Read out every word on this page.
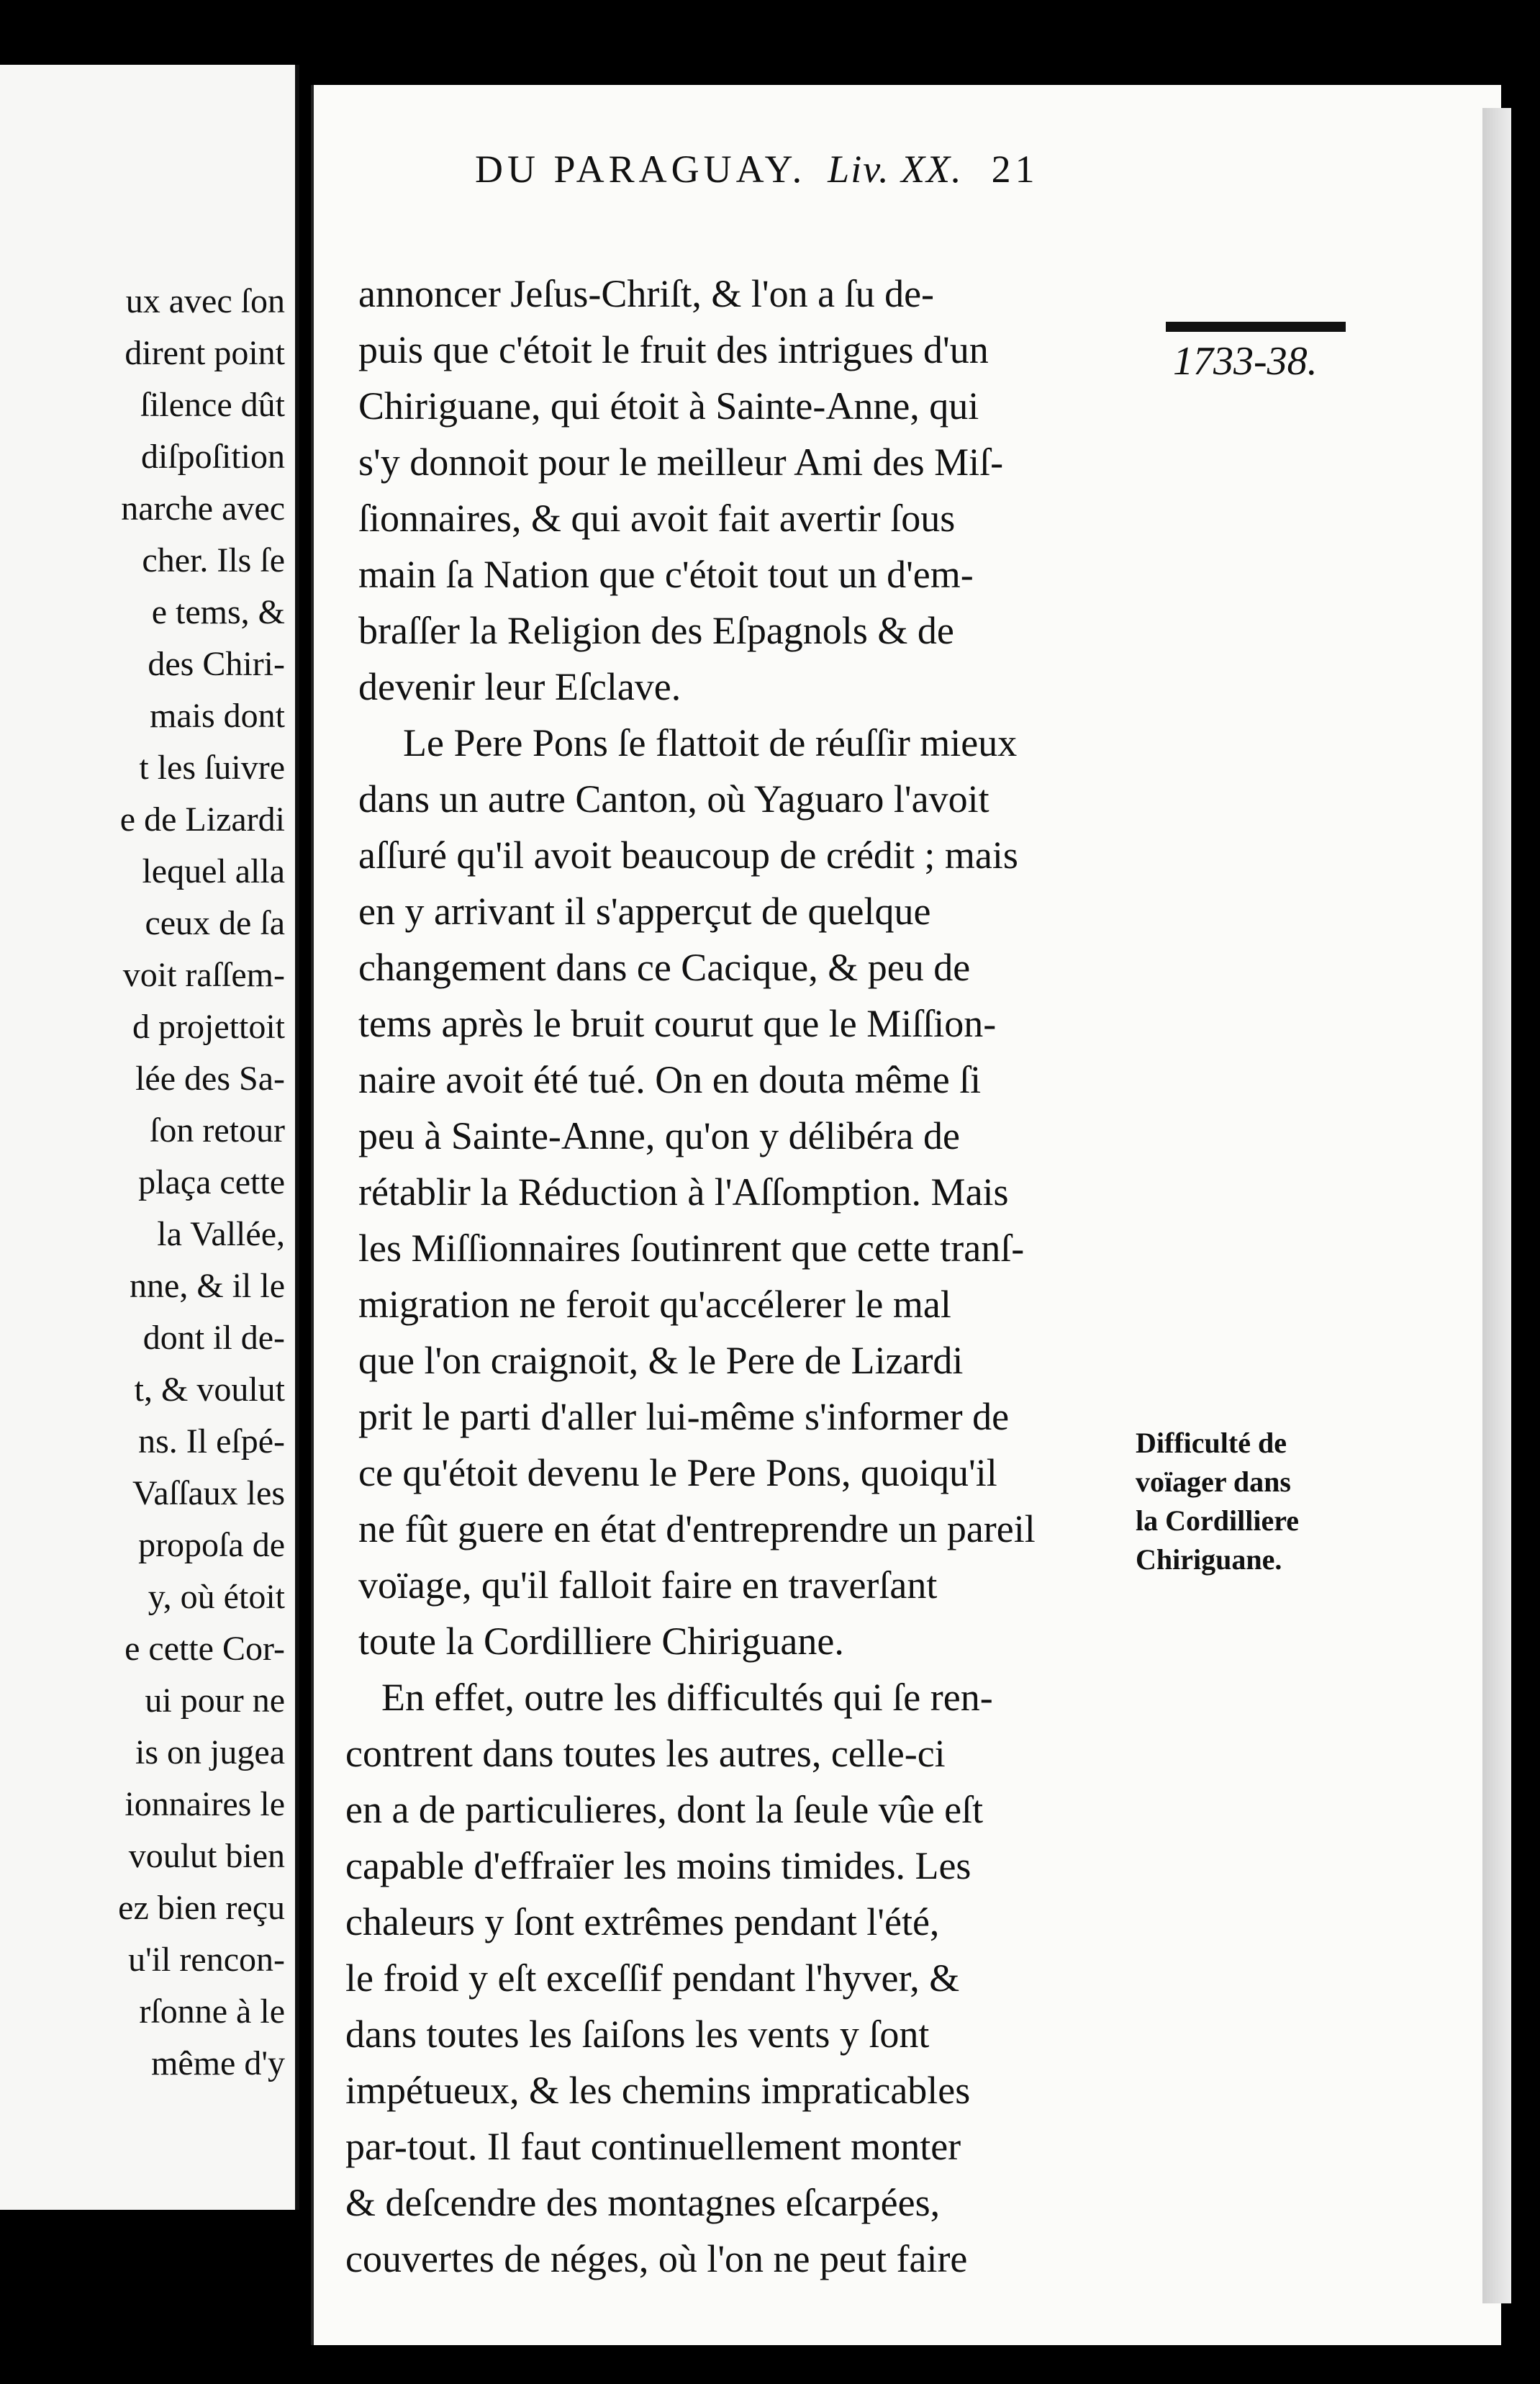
ux avec ſon
dirent point
ſilence dût
diſpoſition
narche avec
cher. Ils ſe
e tems, &
des Chiri-
mais dont
t les ſuivre
e de Lizardi
lequel alla
ceux de ſa
voit raſſem-
d projettoit
lée des Sa-
ſon retour
plaça cette
la Vallée,
nne, & il le
dont il de-
t, & voulut
ns. Il eſpé-
Vaſſaux les
propoſa de
y, où étoit
e cette Cor-
ui pour ne
is on jugea
ionnaires le
voulut bien
ez bien reçu
u'il rencon-
rſonne à le
même d'y
DU PARAGUAY. Liv. XX. 21
annoncer Jeſus-Chriſt, & l'on a ſu de-
puis que c'étoit le fruit des intrigues d'un
Chiriguane, qui étoit à Sainte-Anne, qui
s'y donnoit pour le meilleur Ami des Miſ-
ſionnaires, & qui avoit fait avertir ſous
main ſa Nation que c'étoit tout un d'em-
braſſer la Religion des Eſpagnols & de
devenir leur Eſclave.
Le Pere Pons ſe flattoit de réuſſir mieux
dans un autre Canton, où Yaguaro l'avoit
aſſuré qu'il avoit beaucoup de crédit ; mais
en y arrivant il s'apperçut de quelque
changement dans ce Cacique, & peu de
tems après le bruit courut que le Miſſion-
naire avoit été tué. On en douta même ſi
peu à Sainte-Anne, qu'on y délibéra de
rétablir la Réduction à l'Aſſomption. Mais
les Miſſionnaires ſoutinrent que cette tranſ-
migration ne feroit qu'accélerer le mal
que l'on craignoit, & le Pere de Lizardi
prit le parti d'aller lui-même s'informer de
ce qu'étoit devenu le Pere Pons, quoiqu'il
ne fût guere en état d'entreprendre un pareil
voïage, qu'il falloit faire en traverſant
toute la Cordilliere Chiriguane.
En effet, outre les difficultés qui ſe ren-
contrent dans toutes les autres, celle-ci
en a de particulieres, dont la ſeule vûe eſt
capable d'effraïer les moins timides. Les
chaleurs y ſont extrêmes pendant l'été,
le froid y eſt exceſſif pendant l'hyver, &
dans toutes les ſaiſons les vents y ſont
impétueux, & les chemins impraticables
par-tout. Il faut continuellement monter
& deſcendre des montagnes eſcarpées,
couvertes de néges, où l'on ne peut faire
1733-38.
Difficulté de
voïager dans
la Cordilliere
Chiriguane.
